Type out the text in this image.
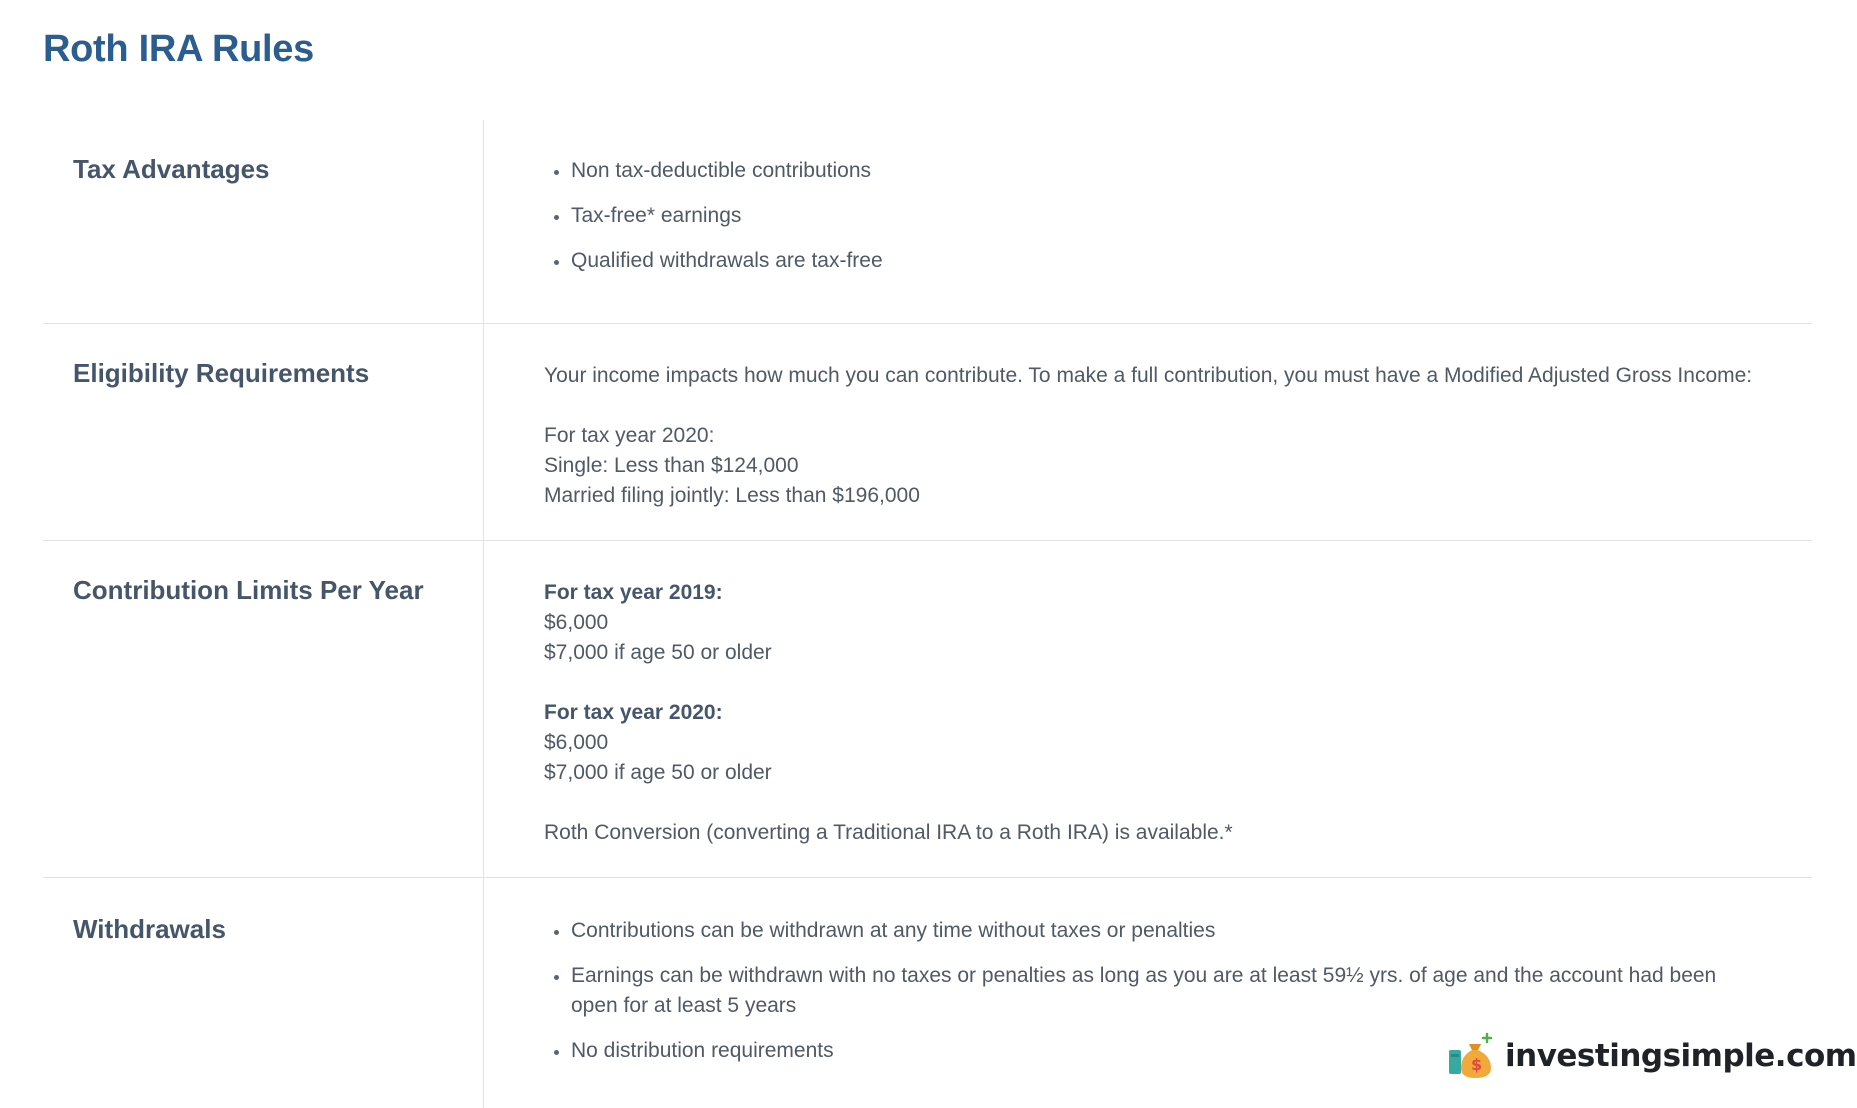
Roth IRA Rules
Tax Advantages	Non tax-deductible contributions
Tax-free* earnings
Qualified withdrawals are tax-free
Eligibility Requirements	Your income impacts how much you can contribute. To make a full contribution, you must have a Modified Adjusted Gross Income:
For tax year 2020:
Single: Less than $124,000
Married filing jointly: Less than $196,000
Contribution Limits Per Year	For tax year 2019:
$6,000
$7,000 if age 50 or older
For tax year 2020:
$6,000
$7,000 if age 50 or older
Roth Conversion (converting a Traditional IRA to a Roth IRA) is available.*
Withdrawals	Contributions can be withdrawn at any time without taxes or penalties
Earnings can be withdrawn with no taxes or penalties as long as you are at least 59½ yrs. of age and the account had been open for at least 5 years
No distribution requirements
$ investingsimple.com
